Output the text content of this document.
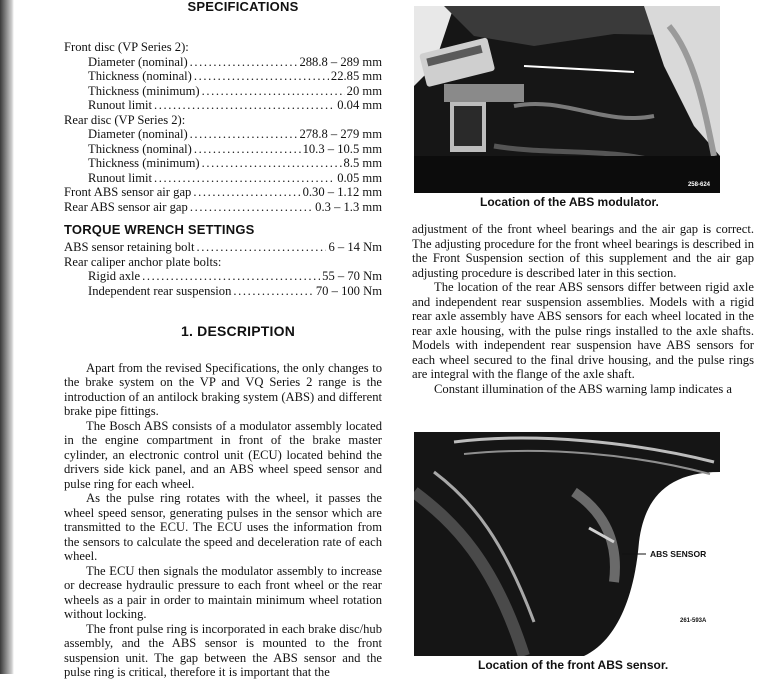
SPECIFICATIONS
Front disc (VP Series 2):
Diameter (nominal) .....	288.8 – 289 mm
Thickness (nominal) .....	22.85 mm
Thickness (minimum) .....	20 mm
Runout limit .....	0.04 mm
Rear disc (VP Series 2):
Diameter (nominal) .....	278.8 – 279 mm
Thickness (nominal) .....	10.3 – 10.5 mm
Thickness (minimum) .....	8.5 mm
Runout limit .....	0.05 mm
Front ABS sensor air gap .....	0.30 – 1.12 mm
Rear ABS sensor air gap .....	0.3 – 1.3 mm
TORQUE WRENCH SETTINGS
ABS sensor retaining bolt .....	6 – 14 Nm
Rear caliper anchor plate bolts:
Rigid axle .....	55 – 70 Nm
Independent rear suspension .....	70 – 100 Nm
1. DESCRIPTION

Apart from the revised Specifications, the only changes to the brake system on the VP and VQ Series 2 range is the introduction of an antilock braking system (ABS) and different brake pipe fittings.

The Bosch ABS consists of a modulator assembly located in the engine compartment in front of the brake master cylinder, an electronic control unit (ECU) located behind the drivers side kick panel, and an ABS wheel speed sensor and pulse ring for each wheel.

As the pulse ring rotates with the wheel, it passes the wheel speed sensor, generating pulses in the sensor which are transmitted to the ECU. The ECU uses the information from the sensors to calculate the speed and deceleration rate of each wheel.

The ECU then signals the modulator assembly to increase or decrease hydraulic pressure to each front wheel or the rear wheels as a pair in order to maintain minimum wheel rotation without locking.

The front pulse ring is incorporated in each brake disc/hub assembly, and the ABS sensor is mounted to the front suspension unit. The gap between the ABS sensor and the pulse ring is critical, therefore it is important that the

258-624
Location of the ABS modulator.

adjustment of the front wheel bearings and the air gap is correct. The adjusting procedure for the front wheel bearings is described in the Front Suspension section of this supplement and the air gap adjusting procedure is described later in this section.

The location of the rear ABS sensors differ between rigid axle and independent rear suspension assemblies. Models with a rigid rear axle assembly have ABS sensors for each wheel located in the rear axle housing, with the pulse rings installed to the axle shafts. Models with independent rear suspension have ABS sensors for each wheel secured to the final drive housing, and the pulse rings are integral with the flange of the axle shaft.

Constant illumination of the ABS warning lamp indicates a

ABS SENSOR
261-593A
Location of the front ABS sensor.
